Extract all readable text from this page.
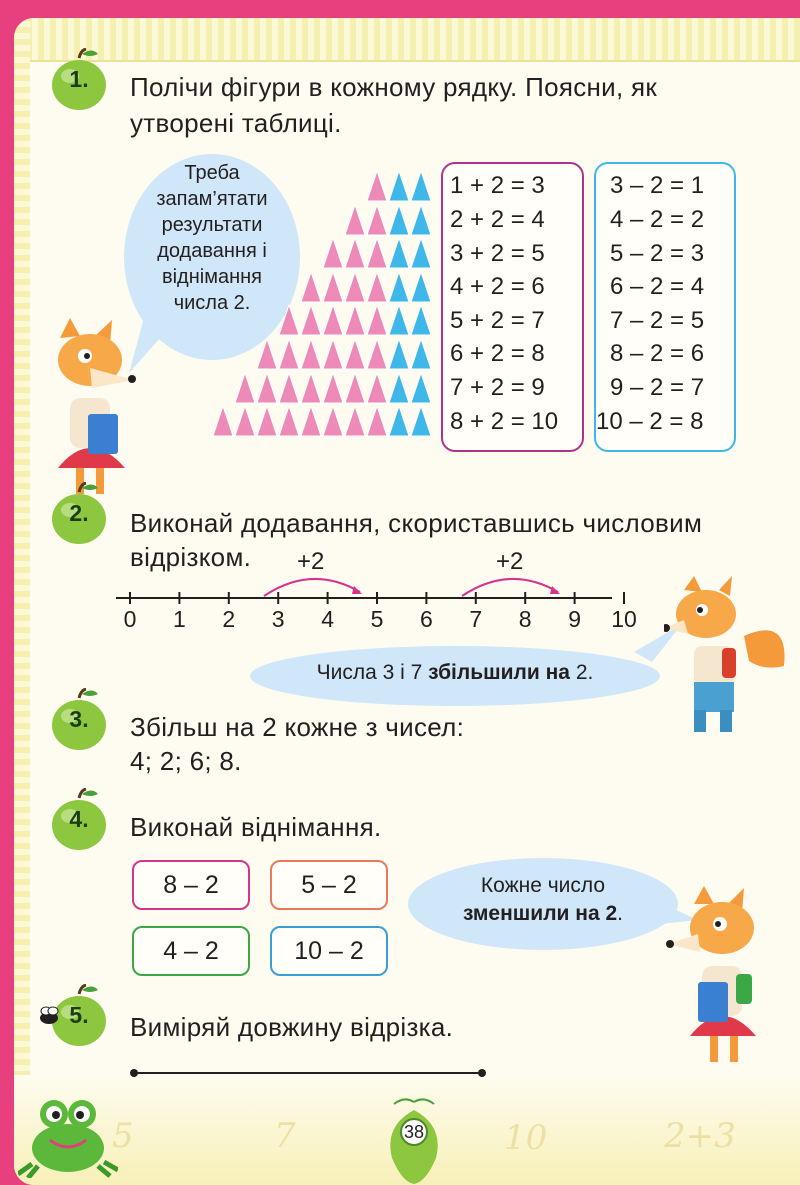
5	7	10	2+3
1.	Полічи фігури в кожному рядку. Поясни, як
утворені таблиці.
Треба
запам’ятати
результати
додавання і
віднімання
числа 2.
1 + 2 = 3
2 + 2 = 4
3 + 2 = 5
4 + 2 = 6
5 + 2 = 7
6 + 2 = 8
7 + 2 = 9
8 + 2 = 10
3 – 2 = 1
4 – 2 = 2
5 – 2 = 3
6 – 2 = 4
7 – 2 = 5
8 – 2 = 6
9 – 2 = 7
10 – 2 = 8
2.	Виконай додавання, скориставшись числовим
відрізком. +2	+2
0	1	2	3	4	5	6	7	8	9	10
Числа 3 і 7 збільшили на 2.
3.	Збільш на 2 кожне з чисел:
4; 2; 6; 8.
4.	Виконай віднімання.
8 – 2	5 – 2
4 – 2	10 – 2
Кожне число
зменшили на 2.
5.	Виміряй довжину відрізка.
38
